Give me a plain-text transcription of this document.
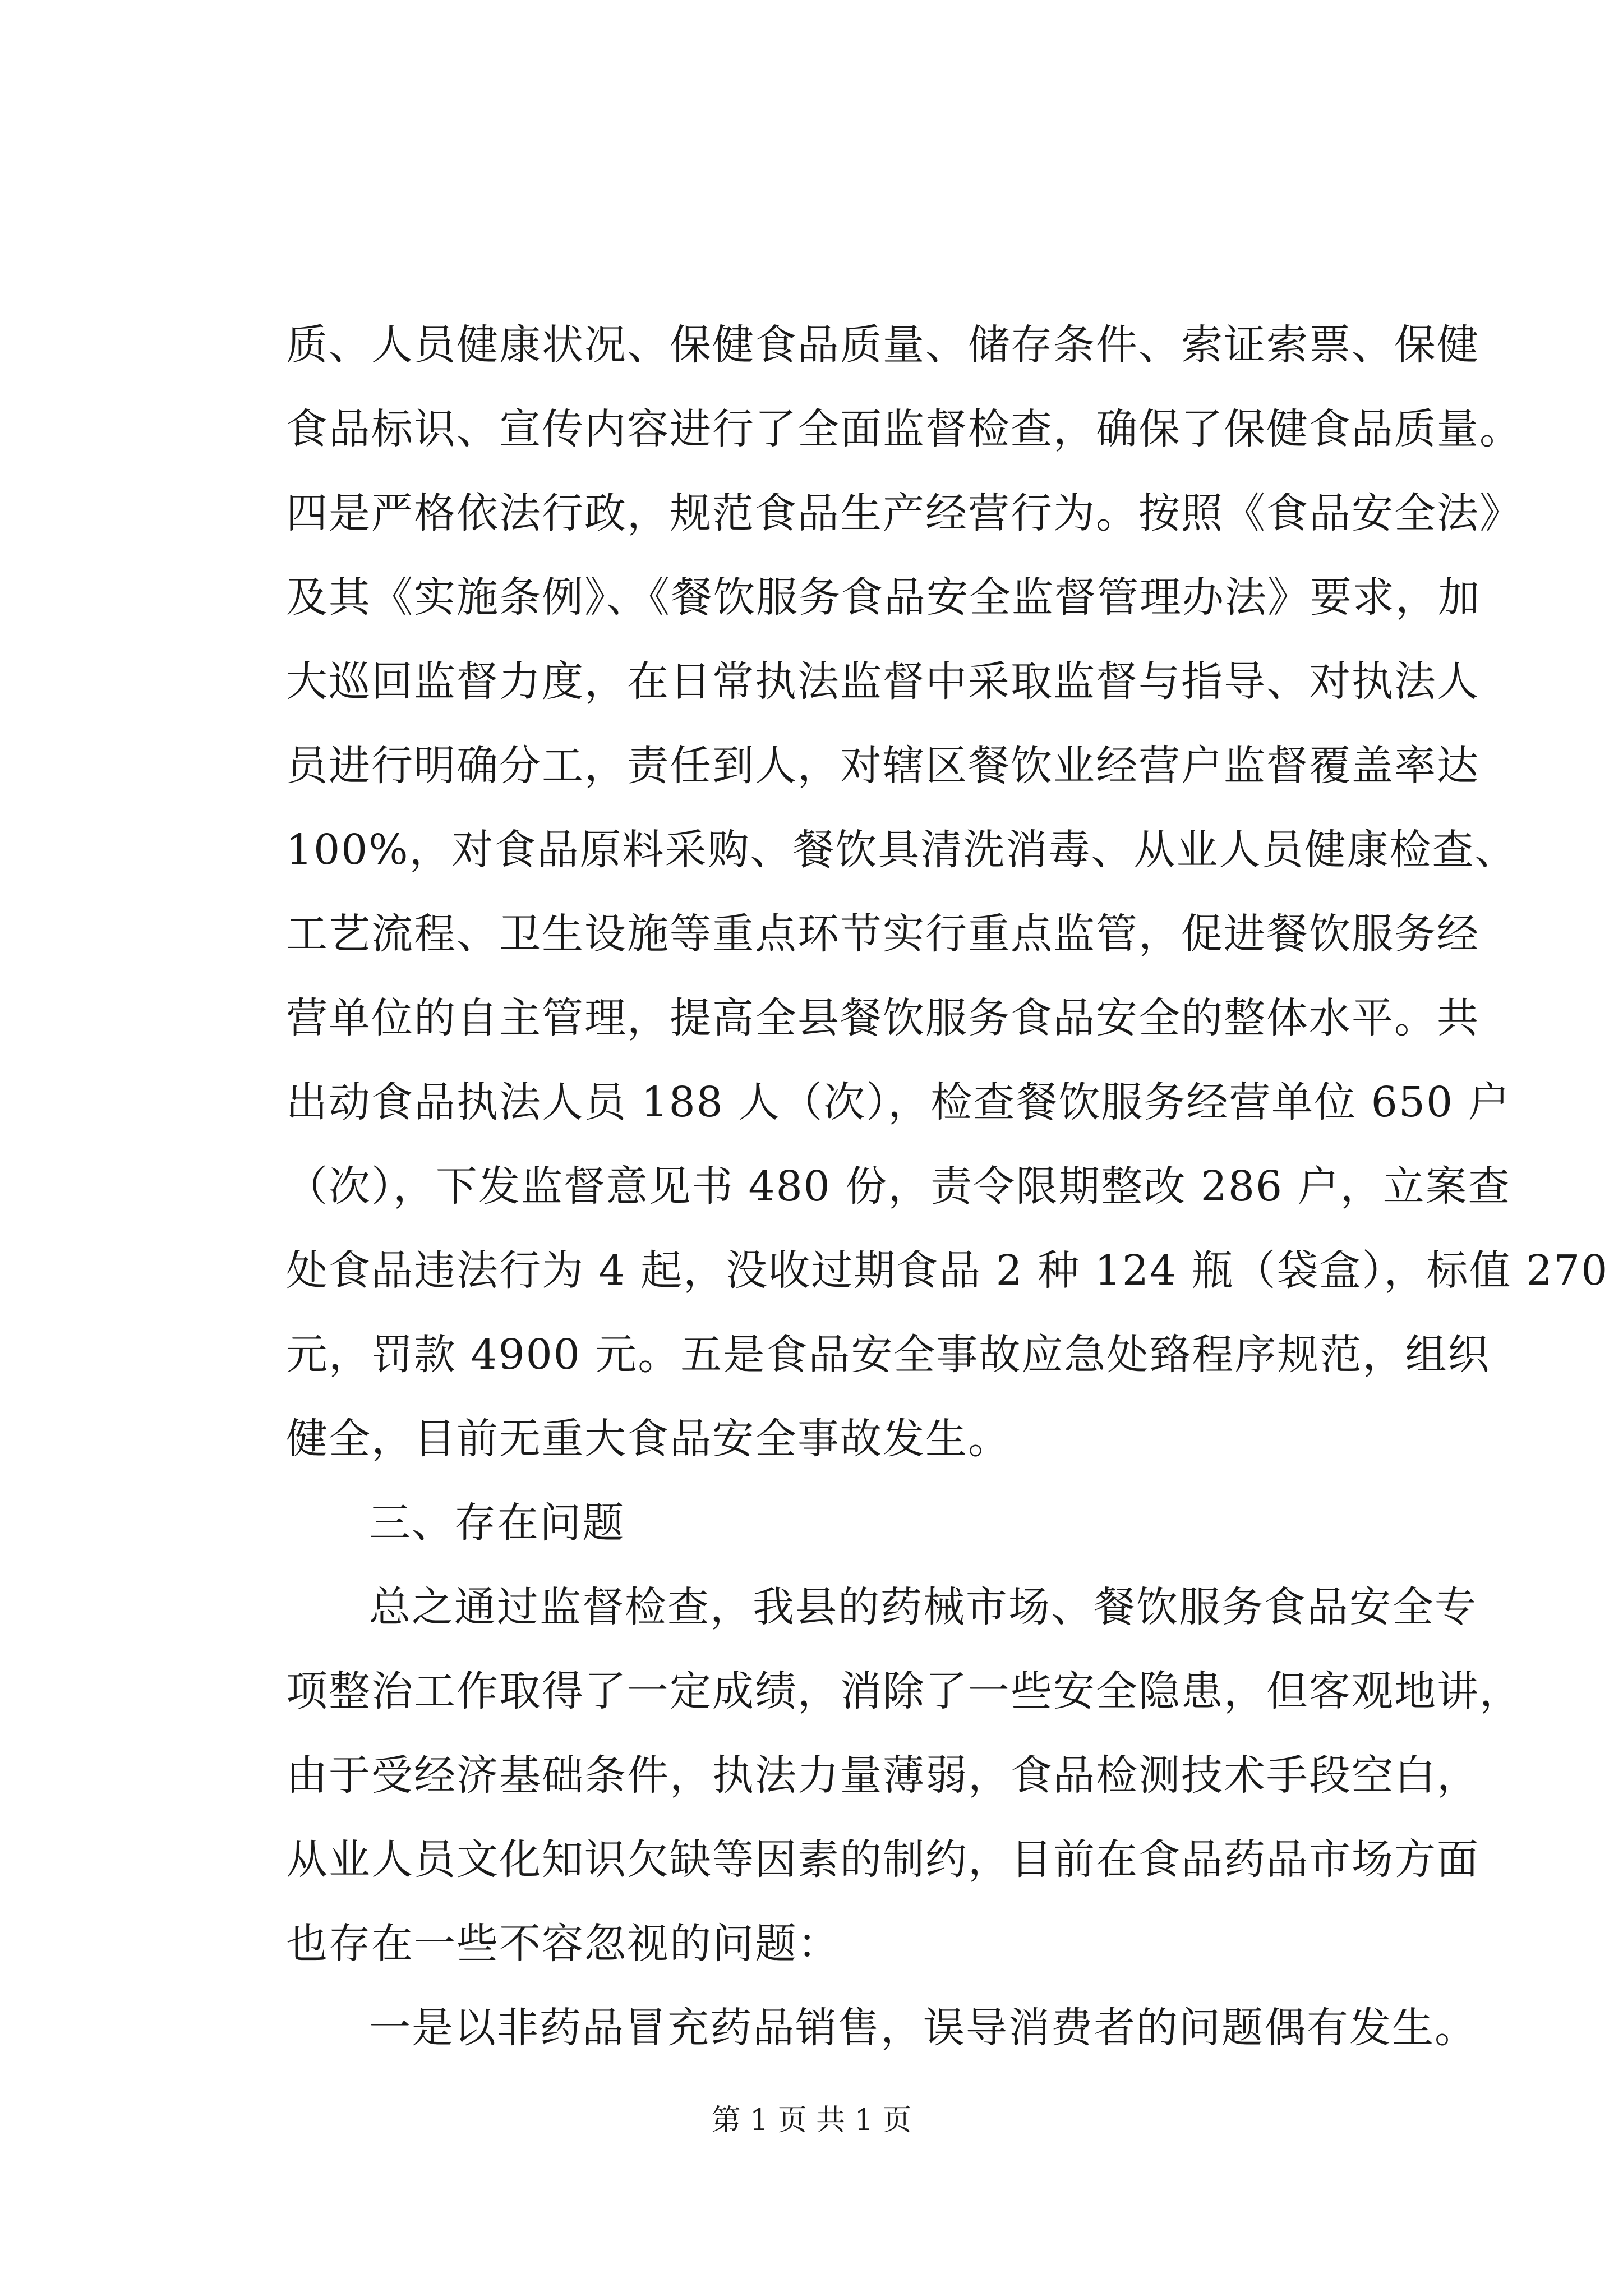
质、人员健康状况、保健食品质量、储存条件、索证索票、保健
食品标识、宣传内容进行了全面监督检查，确保了保健食品质量。
四是严格依法行政，规范食品生产经营行为。按照《食品安全法》
及其《实施条例》、《餐饮服务食品安全监督管理办法》要求，加
大巡回监督力度，在日常执法监督中采取监督与指导、对执法人
员进行明确分工，责任到人，对辖区餐饮业经营户监督覆盖率达
100%，对食品原料采购、餐饮具清洗消毒、从业人员健康检查、
工艺流程、卫生设施等重点环节实行重点监管，促进餐饮服务经
营单位的自主管理，提高全县餐饮服务食品安全的整体水平。共
出动食品执法人员 188 人（次），检查餐饮服务经营单位 650 户
（次），下发监督意见书 480 份，责令限期整改 286 户，立案查
处食品违法行为 4 起，没收过期食品 2 种 124 瓶（袋盒），标值 270
元，罚款 4900 元。五是食品安全事故应急处臵程序规范，组织
健全，目前无重大食品安全事故发生。
三、存在问题
总之通过监督检查，我县的药械市场、餐饮服务食品安全专
项整治工作取得了一定成绩，消除了一些安全隐患，但客观地讲，
由于受经济基础条件，执法力量薄弱，食品检测技术手段空白，
从业人员文化知识欠缺等因素的制约，目前在食品药品市场方面
也存在一些不容忽视的问题：
一是以非药品冒充药品销售，误导消费者的问题偶有发生。
第 1 页 共 1 页
